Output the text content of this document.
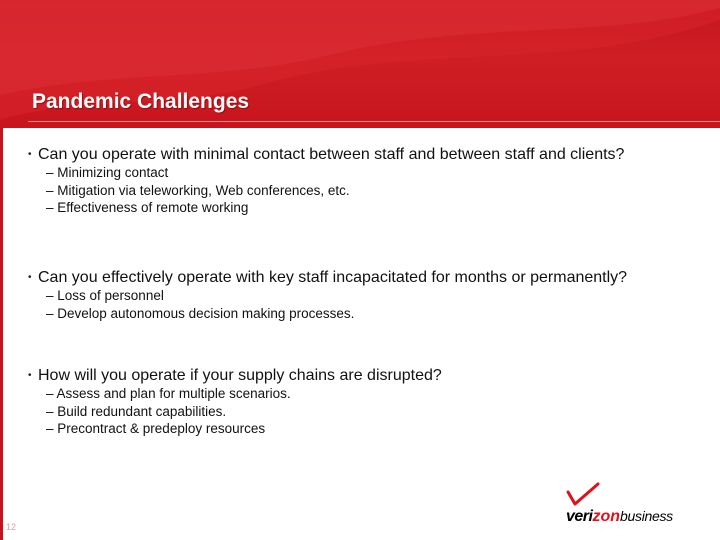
Pandemic Challenges
• Can you operate with minimal contact between staff and between staff and clients?
– Minimizing contact
– Mitigation via teleworking, Web conferences, etc.
– Effectiveness of remote working
• Can you effectively operate with key staff incapacitated for months or permanently?
– Loss of personnel
– Develop autonomous decision making processes.
• How will you operate if your supply chains are disrupted?
– Assess and plan for multiple scenarios.
– Build redundant capabilities.
– Precontract & predeploy resources
12
verizonbusiness
